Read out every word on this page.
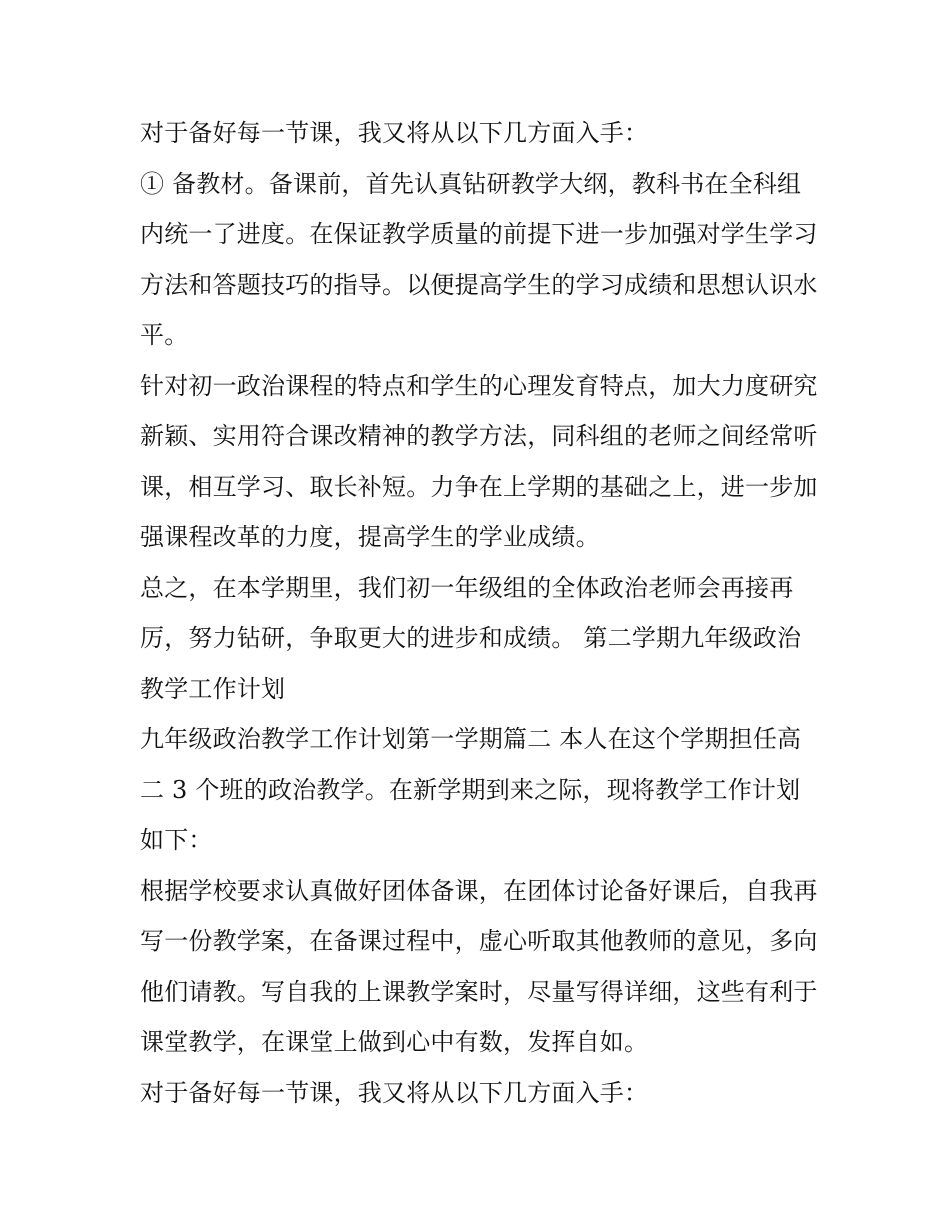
对于备好每一节课，我又将从以下几方面入手：

① 备教材。备课前，首先认真钻研教学大纲，教科书在全科组内统一了进度。在保证教学质量的前提下进一步加强对学生学习方法和答题技巧的指导。以便提高学生的学习成绩和思想认识水平。

针对初一政治课程的特点和学生的心理发育特点，加大力度研究新颖、实用符合课改精神的教学方法，同科组的老师之间经常听课，相互学习、取长补短。力争在上学期的基础之上，进一步加强课程改革的力度，提高学生的学业成绩。

总之，在本学期里，我们初一年级组的全体政治老师会再接再厉，努力钻研，争取更大的进步和成绩。 第二学期九年级政治教学工作计划

九年级政治教学工作计划第一学期篇二 本人在这个学期担任高二 3 个班的政治教学。在新学期到来之际，现将教学工作计划如下：

根据学校要求认真做好团体备课，在团体讨论备好课后，自我再写一份教学案，在备课过程中，虚心听取其他教师的意见，多向他们请教。写自我的上课教学案时，尽量写得详细，这些有利于课堂教学，在课堂上做到心中有数，发挥自如。

对于备好每一节课，我又将从以下几方面入手：
